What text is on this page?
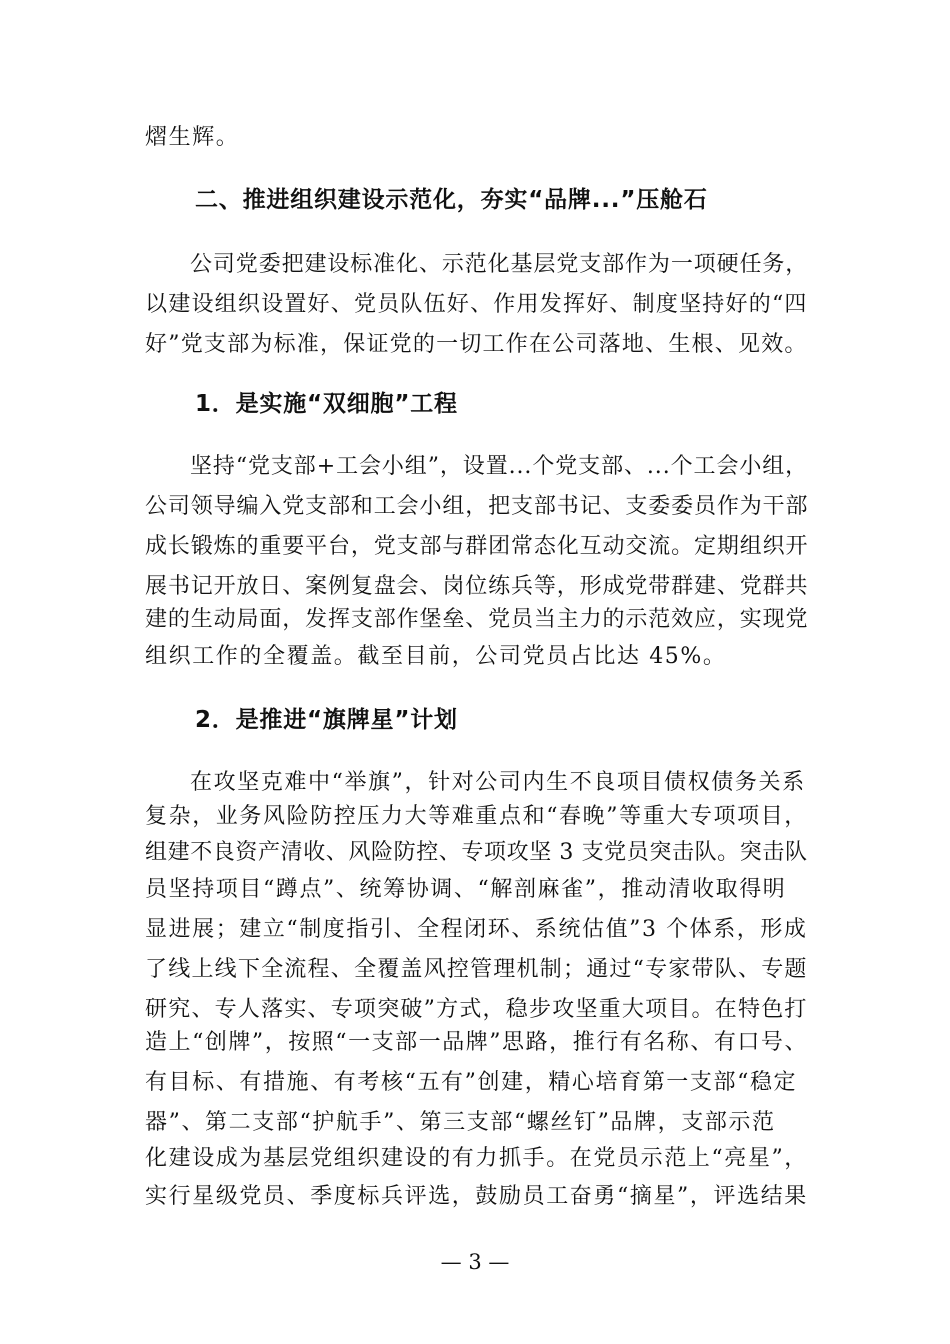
熠生辉。
二、推进组织建设示范化，夯实“品牌...”压舱石
公司党委把建设标准化、示范化基层党支部作为一项硬任务，
以建设组织设置好、党员队伍好、作用发挥好、制度坚持好的“四
好”党支部为标准，保证党的一切工作在公司落地、生根、见效。
1．是实施“双细胞”工程
坚持“党支部+工会小组”，设置...个党支部、...个工会小组，
公司领导编入党支部和工会小组，把支部书记、支委委员作为干部
成长锻炼的重要平台，党支部与群团常态化互动交流。定期组织开
展书记开放日、案例复盘会、岗位练兵等，形成党带群建、党群共
建的生动局面，发挥支部作堡垒、党员当主力的示范效应，实现党
组织工作的全覆盖。截至目前，公司党员占比达 45%。
2．是推进“旗牌星”计划
在攻坚克难中“举旗”，针对公司内生不良项目债权债务关系
复杂，业务风险防控压力大等难重点和“春晚”等重大专项项目，
组建不良资产清收、风险防控、专项攻坚 3 支党员突击队。突击队
员坚持项目“蹲点”、统筹协调、“解剖麻雀”，推动清收取得明
显进展；建立“制度指引、全程闭环、系统估值”3 个体系，形成
了线上线下全流程、全覆盖风控管理机制；通过“专家带队、专题
研究、专人落实、专项突破”方式，稳步攻坚重大项目。在特色打
造上“创牌”，按照“一支部一品牌”思路，推行有名称、有口号、
有目标、有措施、有考核“五有”创建，精心培育第一支部“稳定
器”、第二支部“护航手”、第三支部“螺丝钉”品牌，支部示范
化建设成为基层党组织建设的有力抓手。在党员示范上“亮星”，
实行星级党员、季度标兵评选，鼓励员工奋勇“摘星”，评选结果
— 3 —
